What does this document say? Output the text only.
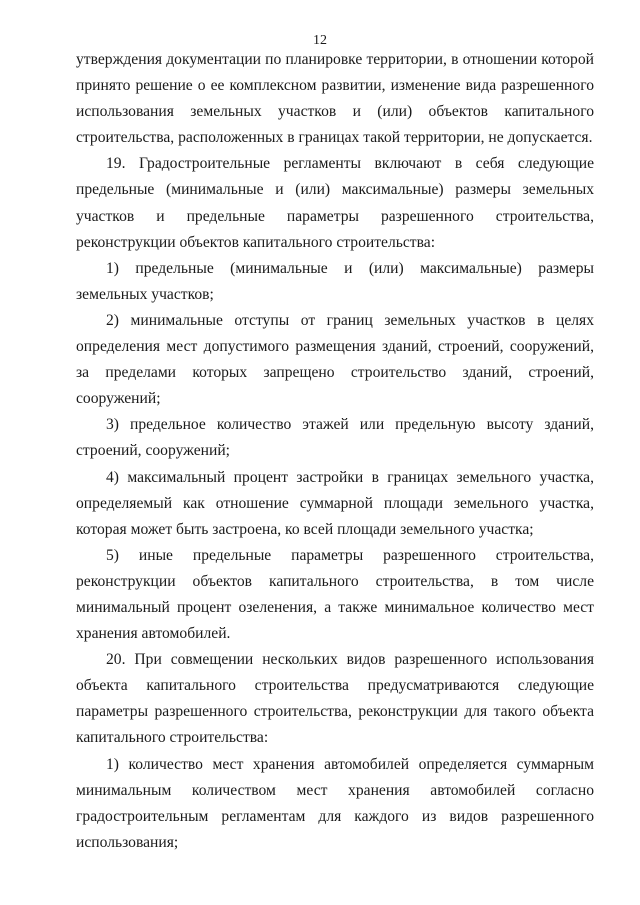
12

утверждения документации по планировке территории, в отношении которой принято решение о ее комплексном развитии, изменение вида разрешенного использования земельных участков и (или) объектов капитального строительства, расположенных в границах такой территории, не допускается.

19. Градостроительные регламенты включают в себя следующие предельные (минимальные и (или) максимальные) размеры земельных участков и предельные параметры разрешенного строительства, реконструкции объектов капитального строительства:

1) предельные (минимальные и (или) максимальные) размеры земельных участков;

2) минимальные отступы от границ земельных участков в целях определения мест допустимого размещения зданий, строений, сооружений, за пределами которых запрещено строительство зданий, строений, сооружений;

3) предельное количество этажей или предельную высоту зданий, строений, сооружений;

4) максимальный процент застройки в границах земельного участка, определяемый как отношение суммарной площади земельного участка, которая может быть застроена, ко всей площади земельного участка;

5) иные предельные параметры разрешенного строительства, реконструкции объектов капитального строительства, в том числе минимальный процент озеленения, а также минимальное количество мест хранения автомобилей.

20. При совмещении нескольких видов разрешенного использования объекта капитального строительства предусматриваются следующие параметры разрешенного строительства, реконструкции для такого объекта капитального строительства:

1) количество мест хранения автомобилей определяется суммарным минимальным количеством мест хранения автомобилей согласно градостроительным регламентам для каждого из видов разрешенного использования;
